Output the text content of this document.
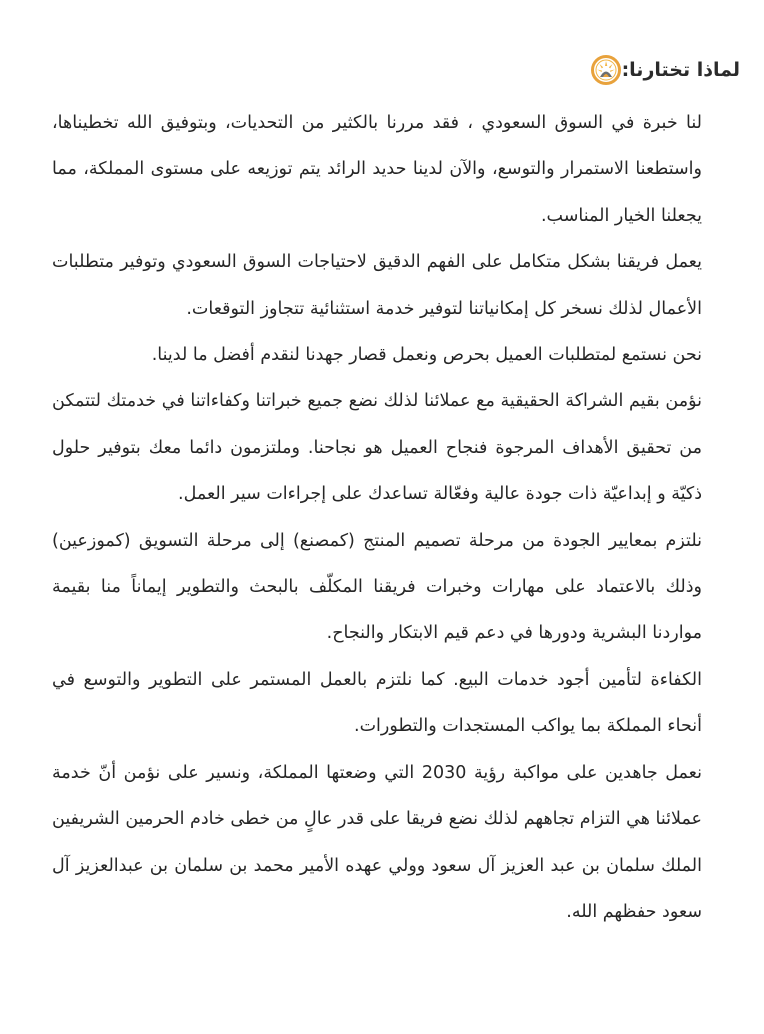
لماذا تختارنا:

لنا خبرة في السوق السعودي ، فقد مررنا بالكثير من التحديات، وبتوفيق الله تخطيناها، واستطعنا الاستمرار والتوسع، والآن لدينا حديد الرائد يتم توزيعه على مستوى المملكة، مما يجعلنا الخيار المناسب.

يعمل فريقنا بشكل متكامل على الفهم الدقيق لاحتياجات السوق السعودي وتوفير متطلبات الأعمال لذلك نسخر كل إمكانياتنا لتوفير خدمة استثنائية تتجاوز التوقعات.

نحن نستمع لمتطلبات العميل بحرص ونعمل قصار جهدنا لنقدم أفضل ما لدينا.

نؤمن بقيم الشراكة الحقيقية مع عملائنا لذلك نضع جميع خبراتنا وكفاءاتنا في خدمتك لتتمكن من تحقيق الأهداف المرجوة فنجاح العميل هو نجاحنا. وملتزمون دائما معك بتوفير حلول ذكيّة و إبداعيّة ذات جودة عالية وفعّالة تساعدك على إجراءات سير العمل.

نلتزم بمعايير الجودة من مرحلة تصميم المنتج (كمصنع) إلى مرحلة التسويق (كموزعين) وذلك بالاعتماد على مهارات وخبرات فريقنا المكلّف بالبحث والتطوير إيماناً منا بقيمة مواردنا البشرية ودورها في دعم قيم الابتكار والنجاح.

الكفاءة لتأمين أجود خدمات البيع. كما نلتزم بالعمل المستمر على التطوير والتوسع في أنحاء المملكة بما يواكب المستجدات والتطورات.

نعمل جاهدين على مواكبة رؤية 2030 التي وضعتها المملكة، ونسير على نؤمن أنّ خدمة عملائنا هي التزام تجاههم لذلك نضع فريقا على قدر عالٍ من خطى خادم الحرمين الشريفين الملك سلمان بن عبد العزيز آل سعود وولي عهده الأمير محمد بن سلمان بن عبدالعزيز آل سعود حفظهم الله.
